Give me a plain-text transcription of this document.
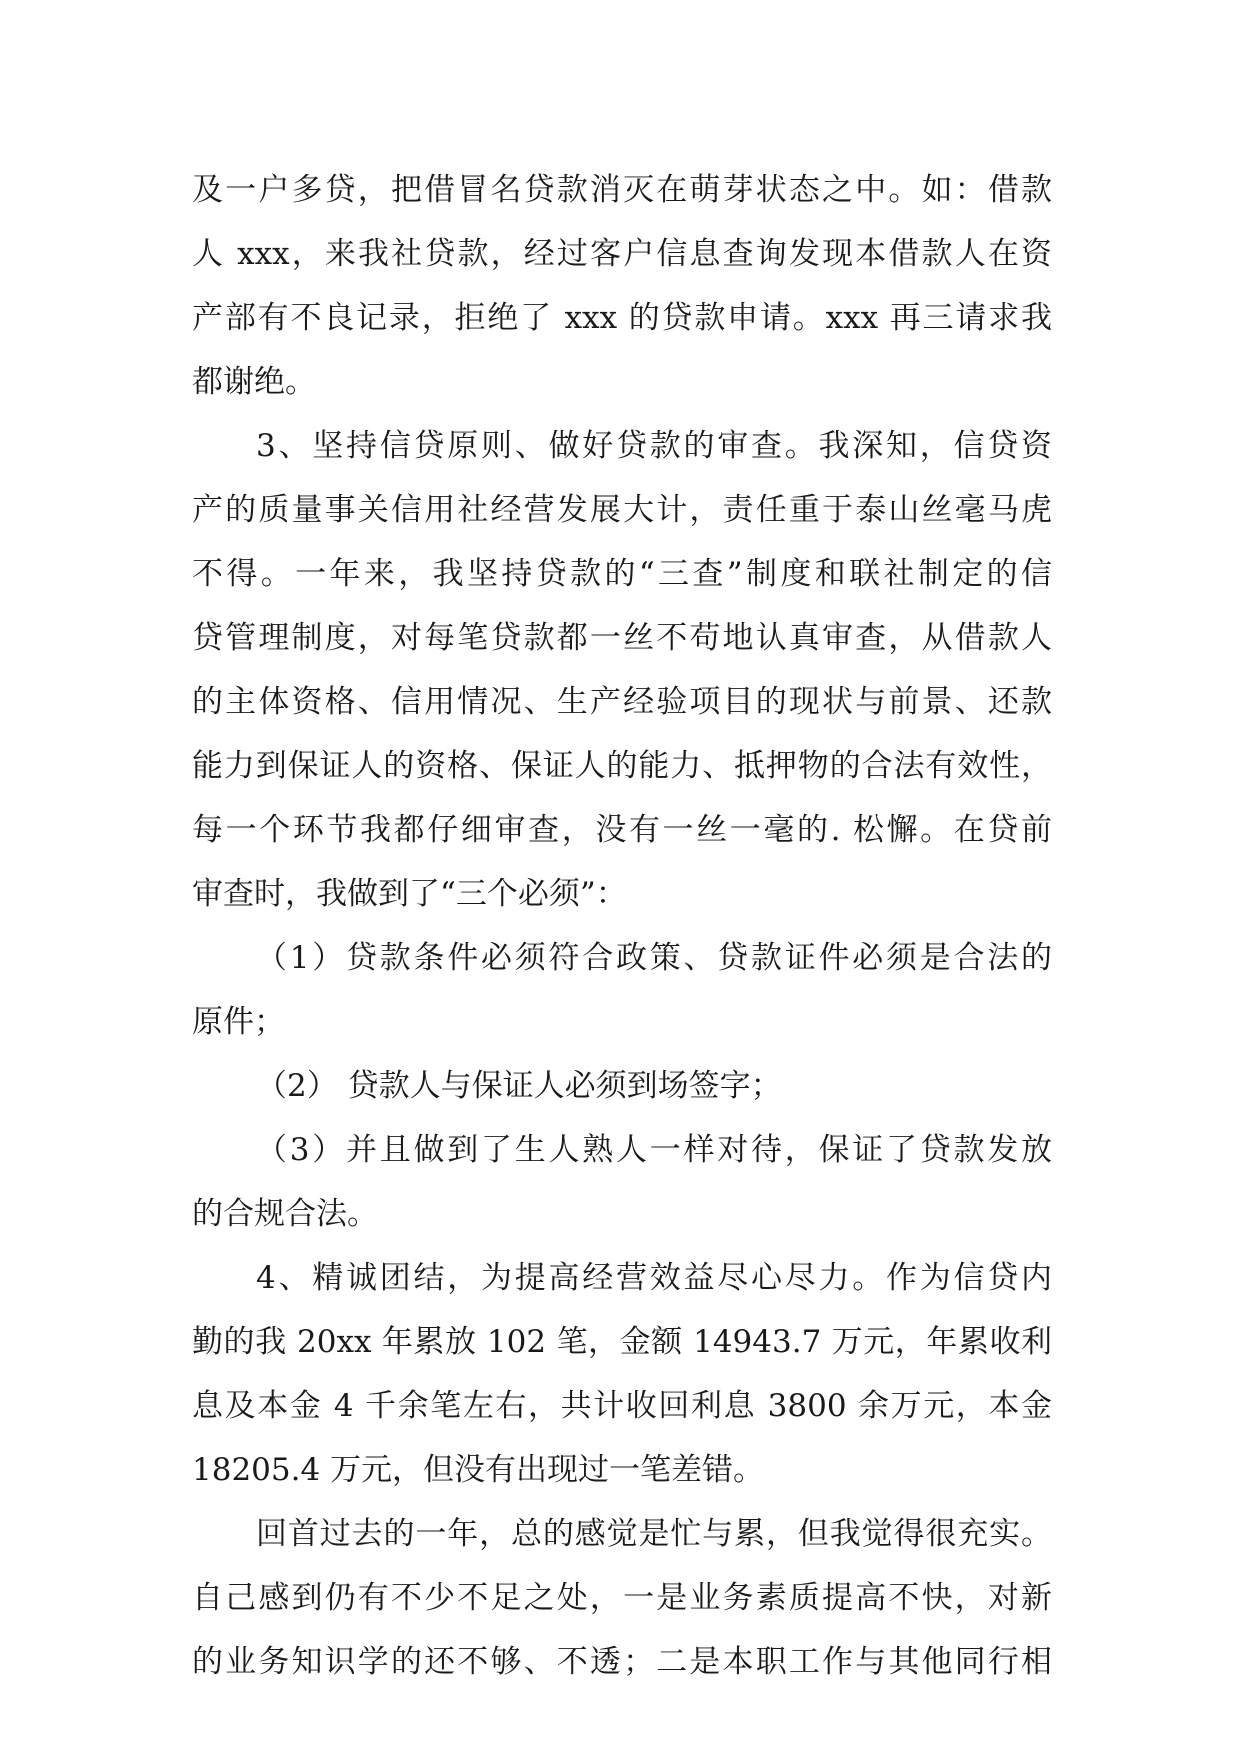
及一户多贷，把借冒名贷款消灭在萌芽状态之中。如：借款
人 xxx，来我社贷款，经过客户信息查询发现本借款人在资
产部有不良记录，拒绝了 xxx 的贷款申请。xxx 再三请求我
都谢绝。
3、坚持信贷原则、做好贷款的审查。我深知，信贷资
产的质量事关信用社经营发展大计，责任重于泰山丝毫马虎
不得。一年来，我坚持贷款的“三查”制度和联社制定的信
贷管理制度，对每笔贷款都一丝不苟地认真审查，从借款人
的主体资格、信用情况、生产经验项目的现状与前景、还款
能力到保证人的资格、保证人的能力、抵押物的合法有效性，
每一个环节我都仔细审查，没有一丝一毫的. 松懈。在贷前
审查时，我做到了“三个必须”：
（1）贷款条件必须符合政策、贷款证件必须是合法的
原件；
（2） 贷款人与保证人必须到场签字；
（3）并且做到了生人熟人一样对待，保证了贷款发放
的合规合法。
4、精诚团结，为提高经营效益尽心尽力。作为信贷内
勤的我 20xx 年累放 102 笔，金额 14943.7 万元，年累收利
息及本金 4 千余笔左右，共计收回利息 3800 余万元，本金
18205.4 万元，但没有出现过一笔差错。
回首过去的一年，总的感觉是忙与累，但我觉得很充实。
自己感到仍有不少不足之处，一是业务素质提高不快，对新
的业务知识学的还不够、不透；二是本职工作与其他同行相
